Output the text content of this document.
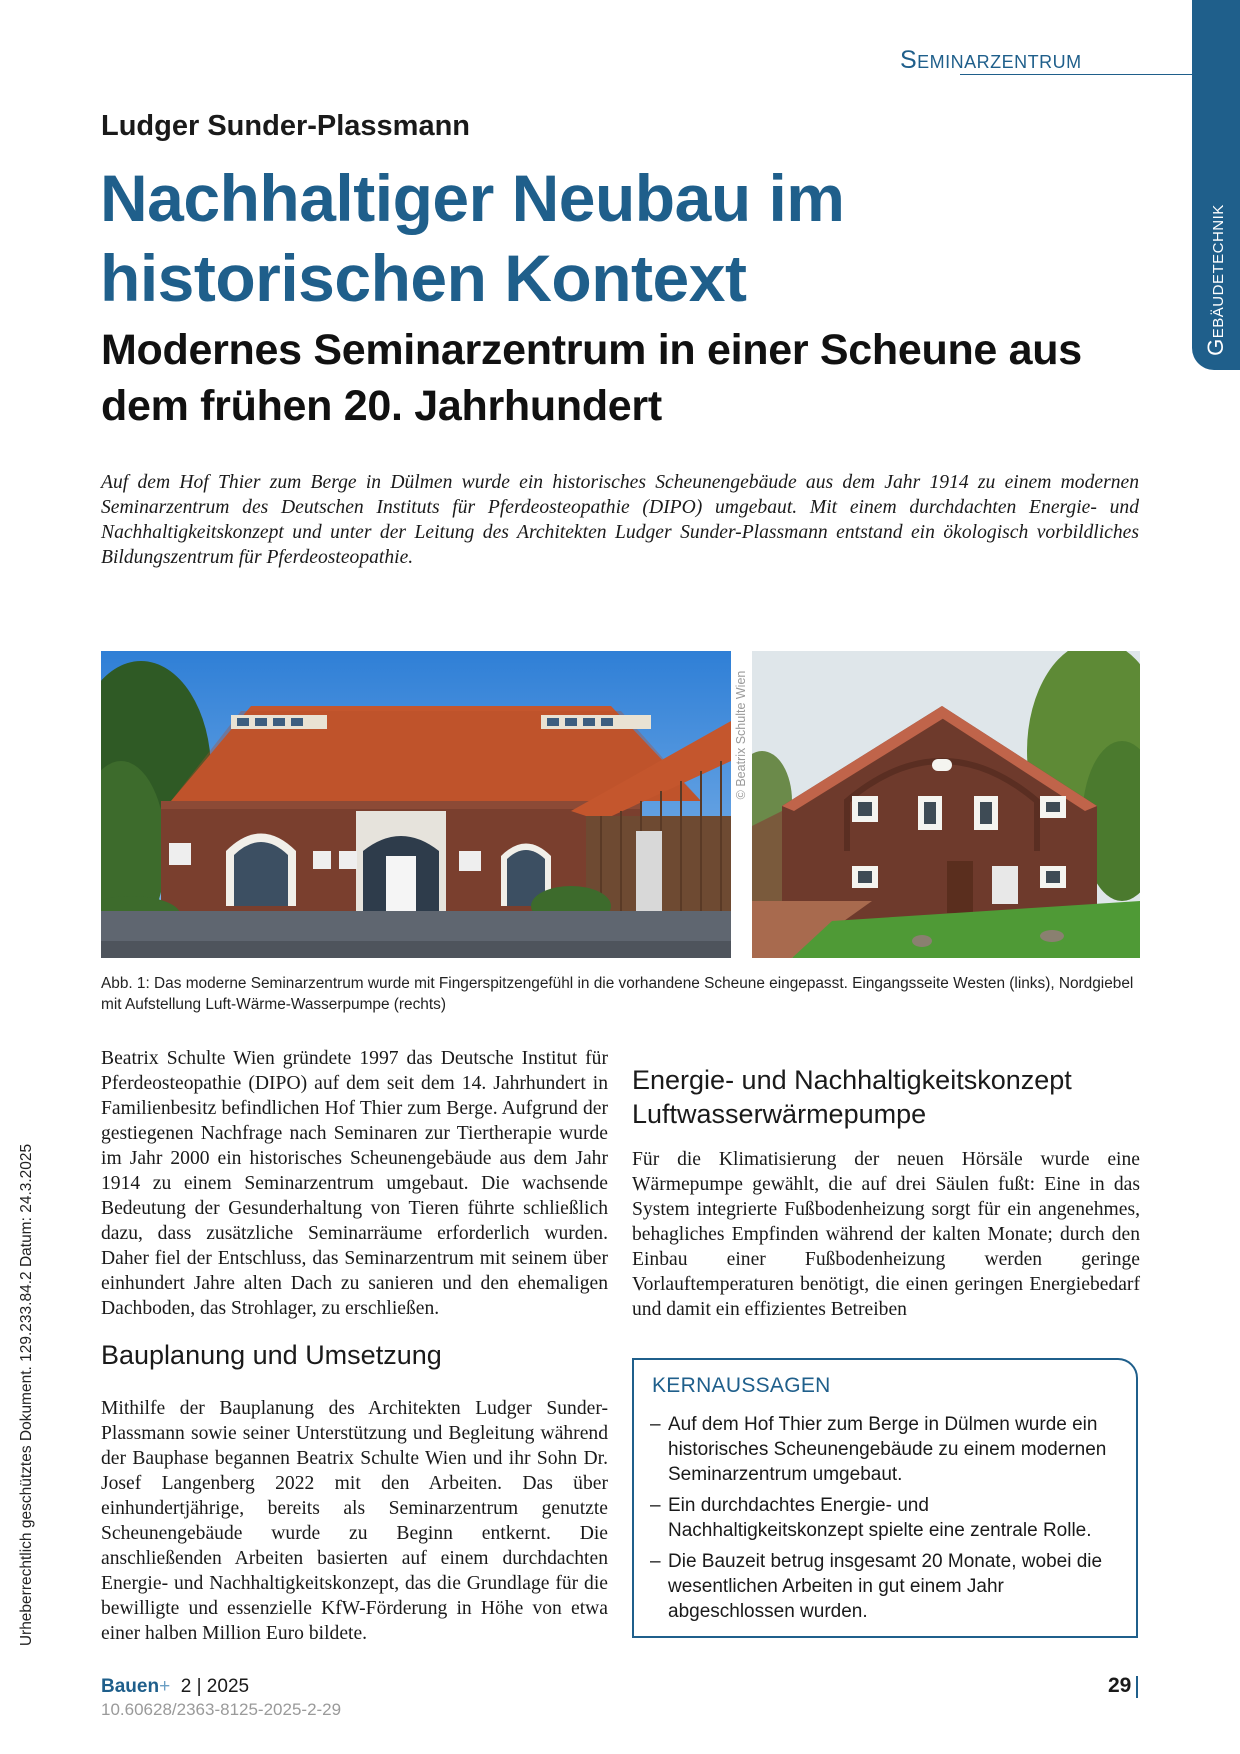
Seminarzentrum
Gebäudetechnik
Ludger Sunder-Plassmann
Nachhaltiger Neubau im
historischen Kontext
Modernes Seminarzentrum in einer Scheune aus
dem frühen 20. Jahrhundert
Auf dem Hof Thier zum Berge in Dülmen wurde ein historisches Scheunengebäude aus dem Jahr 1914 zu einem modernen Seminarzentrum des Deutschen Instituts für Pferdeosteopathie (DIPO) umgebaut. Mit einem durchdachten Energie- und Nachhaltigkeitskonzept und unter der Leitung des Architekten Ludger Sunder-Plassmann entstand ein ökologisch vorbildliches Bildungszentrum für Pferdeosteopathie.
© Beatrix Schulte Wien
Abb. 1: Das moderne Seminarzentrum wurde mit Fingerspitzengefühl in die vorhandene Scheune eingepasst. Eingangsseite Westen (links), Nordgiebel mit Aufstellung Luft-Wärme-Wasserpumpe (rechts)
Urheberrechtlich geschütztes Dokument. 129.233.84.2 Datum: 24.3.2025
Beatrix Schulte Wien gründete 1997 das Deutsche Institut für Pferdeosteopathie (DIPO) auf dem seit dem 14. Jahrhundert in Familienbesitz befindlichen Hof Thier zum Berge. Aufgrund der gestiegenen Nachfrage nach Seminaren zur Tiertherapie wurde im Jahr 2000 ein historisches Scheunengebäude aus dem Jahr 1914 zu einem Seminarzentrum umgebaut. Die wachsende Bedeutung der Gesunderhaltung von Tieren führte schließlich dazu, dass zusätzliche Seminarräume erforderlich wurden. Daher fiel der Entschluss, das Seminarzentrum mit seinem über einhundert Jahre alten Dach zu sanieren und den ehemaligen Dachboden, das Strohlager, zu erschließen.
Bauplanung und Umsetzung
Mithilfe der Bauplanung des Architekten Ludger Sunder-Plassmann sowie seiner Unterstützung und Begleitung während der Bauphase begannen Beatrix Schulte Wien und ihr Sohn Dr. Josef Langenberg 2022 mit den Arbeiten. Das über einhundertjährige, bereits als Seminarzentrum genutzte Scheunengebäude wurde zu Beginn entkernt. Die anschließenden Arbeiten basierten auf einem durchdachten Energie- und Nachhaltigkeitskonzept, das die Grundlage für die bewilligte und essenzielle KfW-Förderung in Höhe von etwa einer halben Million Euro bildete.
Energie- und Nachhaltigkeitskonzept
Luftwasserwärmepumpe
Für die Klimatisierung der neuen Hörsäle wurde eine Wärmepumpe gewählt, die auf drei Säulen fußt: Eine in das System integrierte Fußbodenheizung sorgt für ein angenehmes, behagliches Empfinden während der kalten Monate; durch den Einbau einer Fußbodenheizung werden geringe Vorlauftemperaturen benötigt, die einen geringen Energiebedarf und damit ein effizientes Betreiben
KERNAUSSAGEN
– Auf dem Hof Thier zum Berge in Dülmen wurde ein historisches Scheunengebäude zu einem modernen Seminarzentrum umgebaut.
– Ein durchdachtes Energie- und Nachhaltigkeitskonzept spielte eine zentrale Rolle.
– Die Bauzeit betrug insgesamt 20 Monate, wobei die wesentlichen Arbeiten in gut einem Jahr abgeschlossen wurden.
Bauen+ 2 | 2025
10.60628/2363-8125-2025-2-29
29
